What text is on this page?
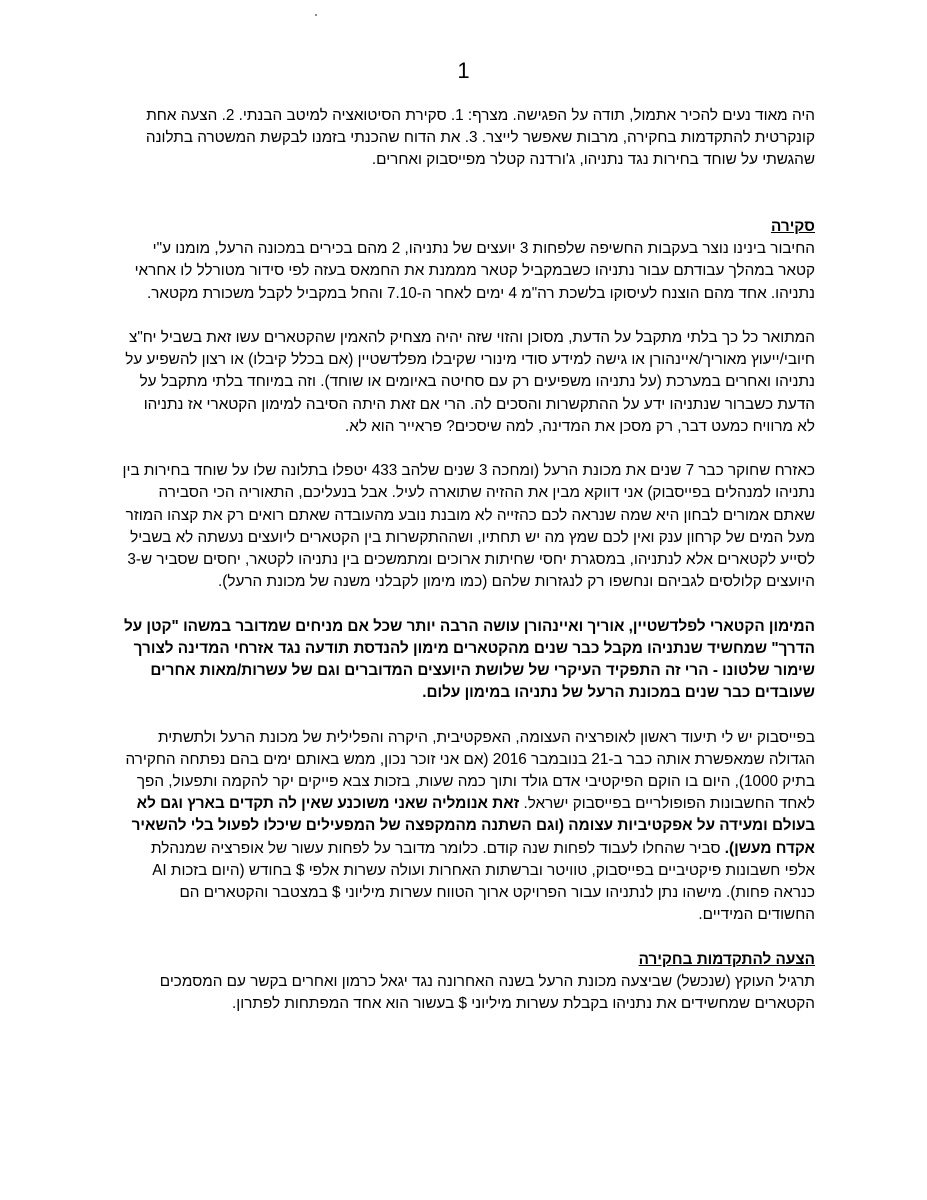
1

היה מאוד נעים להכיר אתמול, תודה על הפגישה. מצרף: 1. סקירת הסיטואציה למיטב הבנתי. 2. הצעה אחת קונקרטית להתקדמות בחקירה, מרבות שאפשר לייצר. 3. את הדוח שהכנתי בזמנו לבקשת המשטרה בתלונה שהגשתי על שוחד בחירות נגד נתניהו, ג'ורדנה קטלר מפייסבוק ואחרים.

סקירה

החיבור בינינו נוצר בעקבות החשיפה שלפחות 3 יועצים של נתניהו, 2 מהם בכירים במכונה הרעל, מומנו ע"י קטאר במהלך עבודתם עבור נתניהו כשבמקביל קטאר מממנת את החמאס בעזה לפי סידור מטורלל לו אחראי נתניהו. אחד מהם הוצנח לעיסוקו בלשכת רה"מ 4 ימים לאחר ה-7.10 והחל במקביל לקבל משכורת מקטאר.

המתואר כל כך בלתי מתקבל על הדעת, מסוכן והזוי שזה יהיה מצחיק להאמין שהקטארים עשו זאת בשביל יח"צ חיובי/ייעוץ מאוריך/איינהורן או גישה למידע סודי מינורי שקיבלו מפלדשטיין (אם בכלל קיבלו) או רצון להשפיע על נתניהו ואחרים במערכת (על נתניהו משפיעים רק עם סחיטה באיומים או שוחד). וזה במיוחד בלתי מתקבל על הדעת כשברור שנתניהו ידע על ההתקשרות והסכים לה. הרי אם זאת היתה הסיבה למימון הקטארי אז נתניהו לא מרוויח כמעט דבר, רק מסכן את המדינה, למה שיסכים? פראייר הוא לא.

כאזרח שחוקר כבר 7 שנים את מכונת הרעל (ומחכה 3 שנים שלהב 433 יטפלו בתלונה שלו על שוחד בחירות בין נתניהו למנהלים בפייסבוק) אני דווקא מבין את ההזיה שתוארה לעיל. אבל בנעליכם, התאוריה הכי הסבירה שאתם אמורים לבחון היא שמה שנראה לכם כהזייה לא מובנת נובע מהעובדה שאתם רואים רק את קצהו המוזר מעל המים של קרחון ענק ואין לכם שמץ מה יש תחתיו, ושההתקשרות בין הקטארים ליועצים נעשתה לא בשביל לסייע לקטארים אלא לנתניהו, במסגרת יחסי שחיתות ארוכים ומתמשכים בין נתניהו לקטאר, יחסים שסביר ש-3 היועצים קלולסים לגביהם ונחשפו רק לנגזרות שלהם (כמו מימון לקבלני משנה של מכונת הרעל).

המימון הקטארי לפלדשטיין, אוריך ואיינהורן עושה הרבה יותר שכל אם מניחים שמדובר במשהו "קטן על הדרך" שמחשיד שנתניהו מקבל כבר שנים מהקטארים מימון להנדסת תודעה נגד אזרחי המדינה לצורך שימור שלטונו - הרי זה התפקיד העיקרי של שלושת היועצים המדוברים וגם של עשרות/מאות אחרים שעובדים כבר שנים במכונת הרעל של נתניהו במימון עלום.

בפייסבוק יש לי תיעוד ראשון לאופרציה העצומה, האפקטיבית, היקרה והפלילית של מכונת הרעל ולתשתית הגדולה שמאפשרת אותה כבר ב-21 בנובמבר 2016 (אם אני זוכר נכון, ממש באותם ימים בהם נפתחה החקירה בתיק 1000), היום בו הוקם הפיקטיבי אדם גולד ותוך כמה שעות, בזכות צבא פייקים יקר להקמה ותפעול, הפך לאחד החשבונות הפופולריים בפייסבוק ישראל. זאת אנומליה שאני משוכנע שאין לה תקדים בארץ וגם לא בעולם ומעידה על אפקטיביות עצומה (וגם השתנה מהמקפצה של המפעילים שיכלו לפעול בלי להשאיר אקדח מעשן). סביר שהחלו לעבוד לפחות שנה קודם. כלומר מדובר על לפחות עשור של אופרציה שמנהלת אלפי חשבונות פיקטיביים בפייסבוק, טוויטר וברשתות האחרות ועולה עשרות אלפי $ בחודש (היום בזכות AI כנראה פחות). מישהו נתן לנתניהו עבור הפרויקט ארוך הטווח עשרות מיליוני $ במצטבר והקטארים הם החשודים המידיים.

הצעה להתקדמות בחקירה

תרגיל העוקץ (שנכשל) שביצעה מכונת הרעל בשנה האחרונה נגד יגאל כרמון ואחרים בקשר עם המסמכים הקטארים שמחשידים את נתניהו בקבלת עשרות מיליוני $ בעשור הוא אחד המפתחות לפתרון.
